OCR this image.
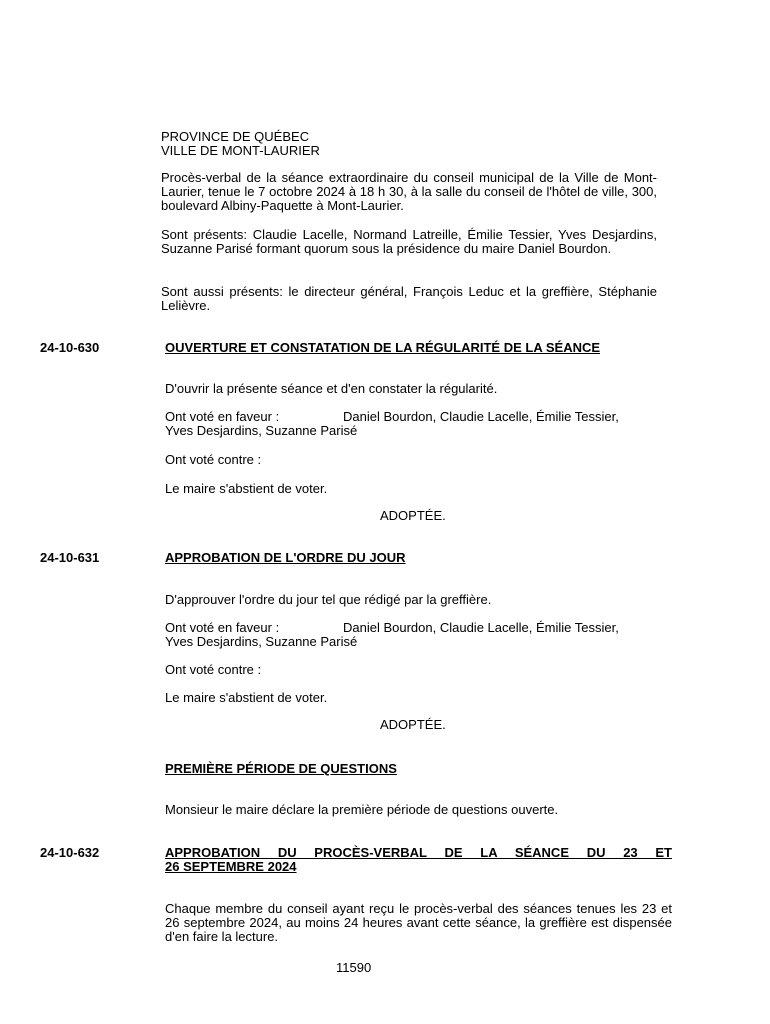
PROVINCE DE QUÉBEC
VILLE DE MONT-LAURIER
Procès-verbal de la séance extraordinaire du conseil municipal de la Ville de Mont-Laurier, tenue le 7 octobre 2024 à 18 h 30, à la salle du conseil de l'hôtel de ville, 300, boulevard Albiny-Paquette à Mont-Laurier.
Sont présents: Claudie Lacelle, Normand Latreille, Émilie Tessier, Yves Desjardins, Suzanne Parisé formant quorum sous la présidence du maire Daniel Bourdon.
Sont aussi présents: le directeur général, François Leduc et la greffière, Stéphanie Lelièvre.
24-10-630	OUVERTURE ET CONSTATATION DE LA RÉGULARITÉ DE LA SÉANCE
D'ouvrir la présente séance et d'en constater la régularité.
Ont voté en faveur :	Daniel Bourdon, Claudie Lacelle, Émilie Tessier,
Yves Desjardins, Suzanne Parisé
Ont voté contre :
Le maire s'abstient de voter.
ADOPTÉE.
24-10-631	APPROBATION DE L'ORDRE DU JOUR
D'approuver l'ordre du jour tel que rédigé par la greffière.
Ont voté en faveur :	Daniel Bourdon, Claudie Lacelle, Émilie Tessier,
Yves Desjardins, Suzanne Parisé
Ont voté contre :
Le maire s'abstient de voter.
ADOPTÉE.
PREMIÈRE PÉRIODE DE QUESTIONS
Monsieur le maire déclare la première période de questions ouverte.
24-10-632	APPROBATION DU PROCÈS-VERBAL DE LA SÉANCE DU 23 ET
26 SEPTEMBRE 2024
Chaque membre du conseil ayant reçu le procès-verbal des séances tenues les 23 et 26 septembre 2024, au moins 24 heures avant cette séance, la greffière est dispensée d'en faire la lecture.
11590
